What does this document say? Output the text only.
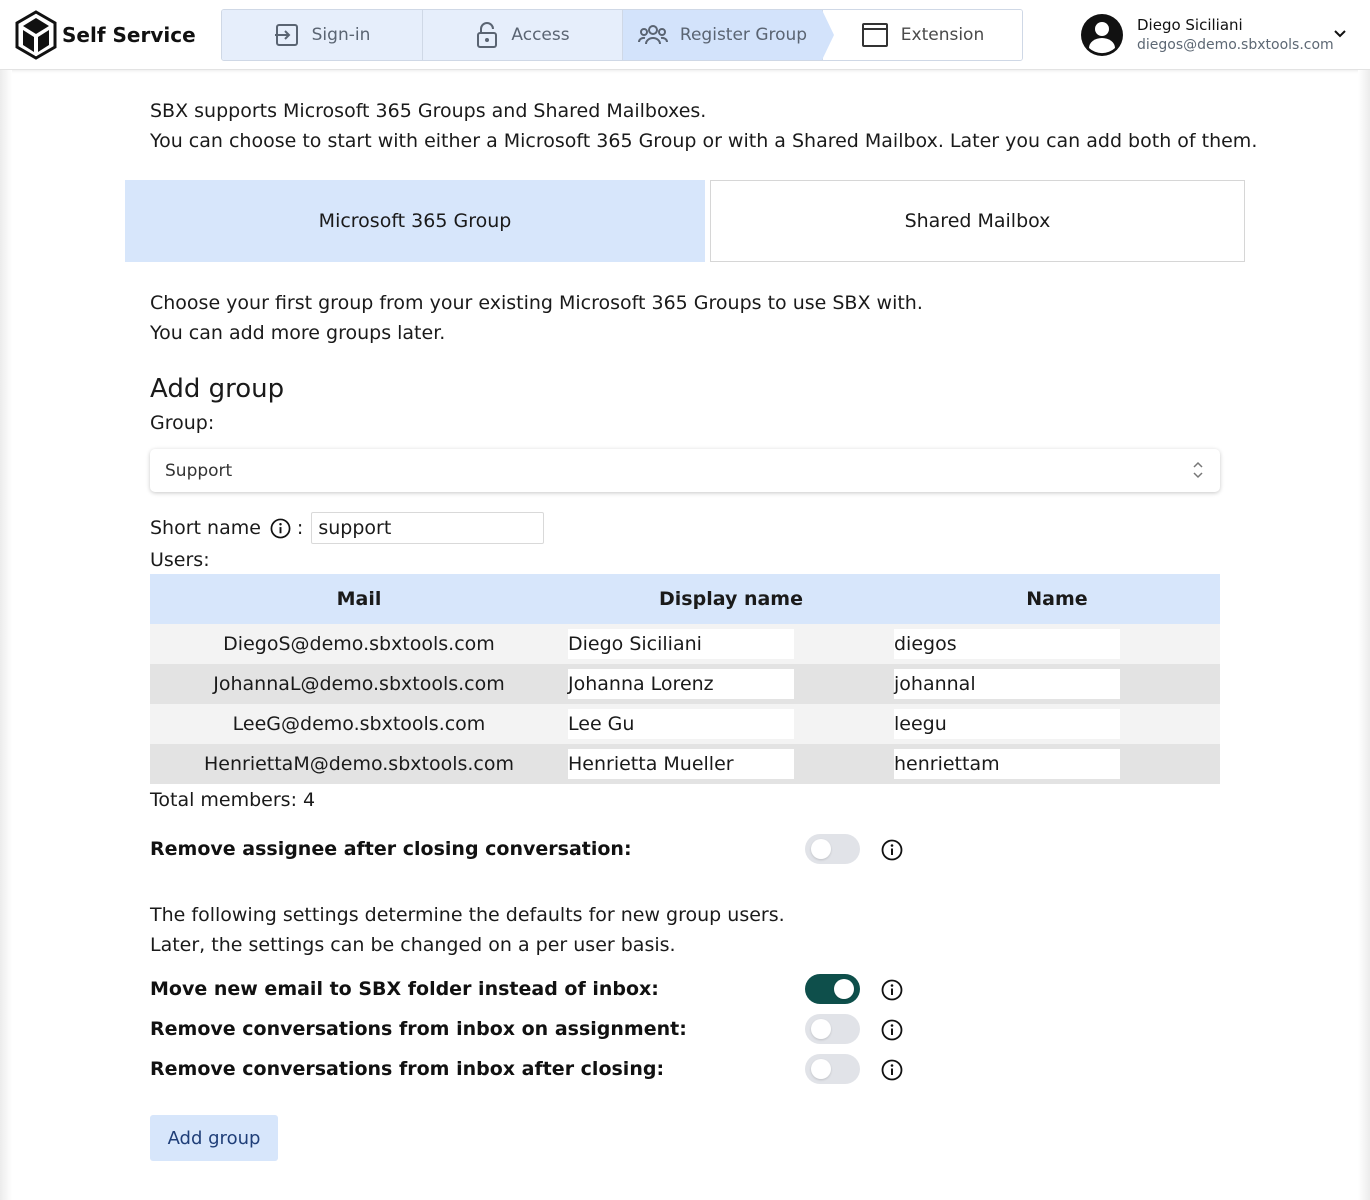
Self Service	Sign-in	Access	Register Group	Extension	Diego Siciliani
diegos@demo.sbxtools.com

SBX supports Microsoft 365 Groups and Shared Mailboxes.

You can choose to start with either a Microsoft 365 Group or with a Shared Mailbox. Later you can add both of them.

Microsoft 365 Group	Shared Mailbox

Choose your first group from your existing Microsoft 365 Groups to use SBX with.

You can add more groups later.

Add group

Group:

Support
Short name : support

Users:

Mail	Display name	Name
DiegoS@demo.sbxtools.com	Diego Siciliani	diegos

JohannaL@demo.sbxtools.com	Johanna Lorenz	johannal

LeeG@demo.sbxtools.com	Lee Gu	leegu

HenriettaM@demo.sbxtools.com	Henrietta Mueller	henriettam

Total members: 4

Remove assignee after closing conversation:

The following settings determine the defaults for new group users.

Later, the settings can be changed on a per user basis.

Move new email to SBX folder instead of inbox:
Remove conversations from inbox on assignment:
Remove conversations from inbox after closing:
Add group
